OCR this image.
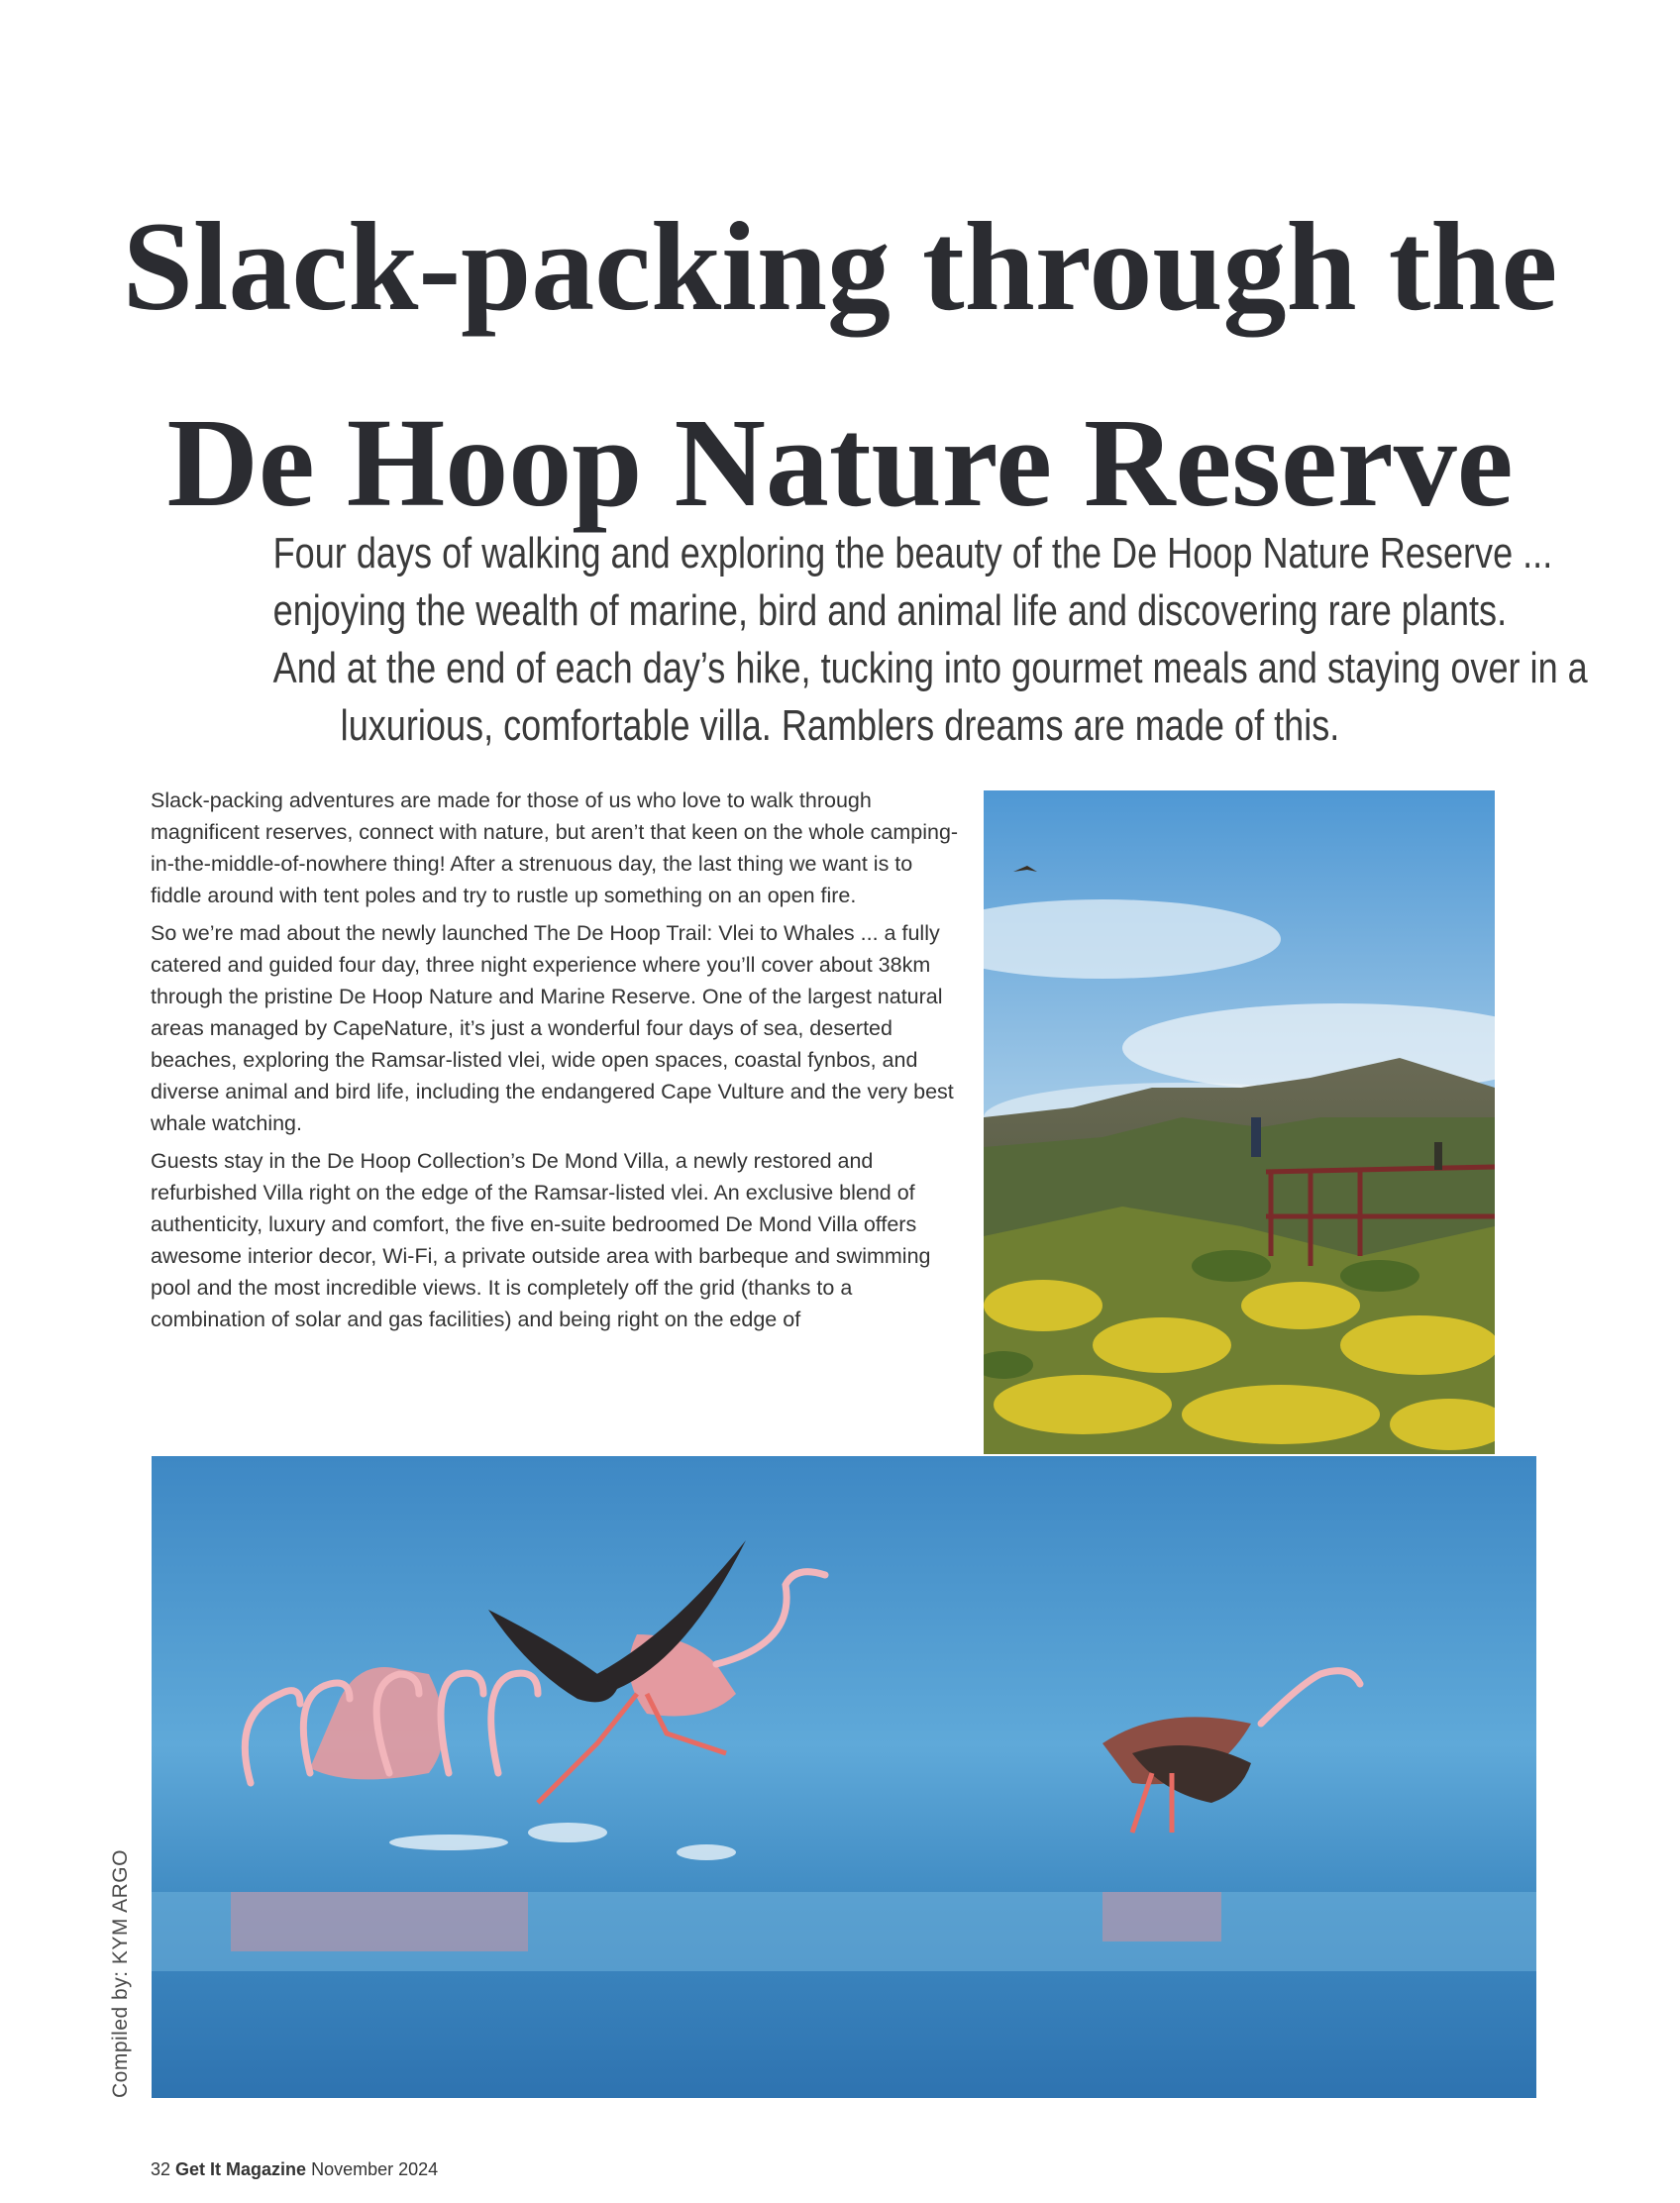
Slack-packing through the
De Hoop Nature Reserve
Four days of walking and exploring the beauty of the De Hoop Nature Reserve ...
enjoying the wealth of marine, bird and animal life and discovering rare plants.
And at the end of each day’s hike, tucking into gourmet meals and staying over in a
luxurious, comfortable villa. Ramblers dreams are made of this.

Slack-packing adventures are made for those of us who love to walk through magnificent reserves, connect with nature, but aren’t that keen on the whole camping-in-the-middle-of-nowhere thing! After a strenuous day, the last thing we want is to fiddle around with tent poles and try to rustle up something on an open fire.

So we’re mad about the newly launched The De Hoop Trail: Vlei to Whales ... a fully catered and guided four day, three night experience where you’ll cover about 38km through the pristine De Hoop Nature and Marine Reserve. One of the largest natural areas managed by CapeNature, it’s just a wonderful four days of sea, deserted beaches, exploring the Ramsar-listed vlei, wide open spaces, coastal fynbos, and diverse animal and bird life, including the endangered Cape Vulture and the very best whale watching.

Guests stay in the De Hoop Collection’s De Mond Villa, a newly restored and refurbished Villa right on the edge of the Ramsar-listed vlei. An exclusive blend of authenticity, luxury and comfort, the five en-suite bedroomed De Mond Villa offers awesome interior decor, Wi-Fi, a private outside area with barbeque and swimming pool and the most incredible views. It is completely off the grid (thanks to a combination of solar and gas facilities) and being right on the edge of

Compiled by: KYM ARGO
32 Get It Magazine November 2024
